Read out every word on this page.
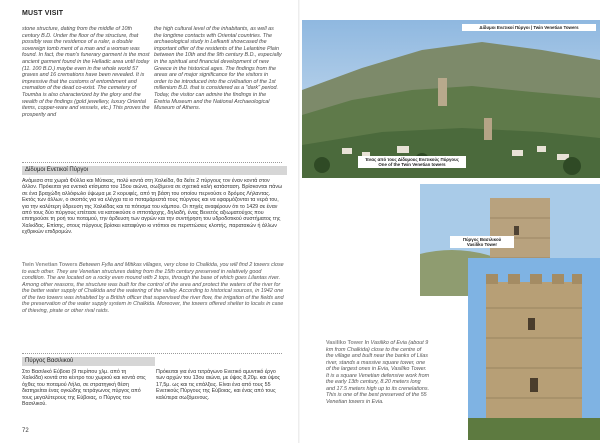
MUST VISIT
stone structure, dating from the middle of 10th century B.D. Under the floor of the structure, that possibly was the residence of a ruler, a double sovereign tomb ment of a man and a woman was found. In fact, the man's funerary garment is the most ancient garment found in the Helladic area until today (11. 100 B.D.) maybe even in the whole world 57 graves and 16 cremations have been revealed. It is impressive that the customs of entombment and cremation of the dead co-exist. The cemetery of Toumba is also characterized by the glory and the wealth of the findings (gold jewellery, luxury Oriental items, copper-ware and vessels, etc.) This proves the prosperity and
the high cultural level of the inhabitants, as well as the longtime contacts with Oriental countries. The archaeological study in Lefkanti showcased the important offer of the residents of the Lelantine Plain between the 10th and the 9th century B.D., especially in the spiritual and financial development of new Greece in the historical ages. The findings from the areas are of major significance for the visitors in order to be introduced into the civilisation of the 1st millenium B.D. that is considered as a "dark" period. Today, the visitor can admire the findings in the Eretria Museum and the National Archaeological Museum of Athens.
Δίδυμοι Ενετικοί Πύργοι
Ανάμεσα στα χωριά Φύλλα και Μύτικας, πολύ κοντά στη Χαλκίδα, θα δείτε 2 πύργους τον έναν κοντά στον άλλον. Πρόκειται για ενετικά κτίσματα του 15ου αιώνα, σωζόμενα σε σχετικά καλή κατάσταση. Βρίσκονται πάνω σε ένα βραχώδη αλλόφωλο ύψωμα με 2 κορυφές, από τη βάση του οποίου περνούσε ο δρόμος Λήλαντας. Εκτός των άλλων, ο σκοπός για να ελέγχει τα ιο ποταμάρεστά τους πύργους και να εφαρμόζονται τα νερά του, για την καλύτερη ύδρευση της Χαλκίδας και τα πότισμα του κάμπου. Οι πηγές αναφέρουν ότι το 1429 σε έναν από τους δύο πύργους επέτασε να κατοικούσε ο ιπποτάρχης, δηλαδή, ένας Βενετός αξιωματούχος που επιτηρούσε τη ροή του ποταμού, την άρδευση των αγρών και την συντήρηση του υδροδοτικού συστήματος της Χαλκίδας. Επίσης, στους πύργους βρίσκει καταφύγιο κι ντόπιοι σε περιπτώσεις κλοπής, παρατακών ή άλλων εχθρικών επιδρομών.
Twin Venetian Towers Between Fylla and Mitikas villages, very close to Chalkida, you will find 2 towers close to each other. They are Venetian structures dating from the 15th century preserved in relatively good condition. The are located on a rocky even mound with 2 tops, through the base of which goes Lilantas river. Among other reasons, the structure was built for the control of the area and protect the waters of the river for the better water supply of Chalkida and the watering of the valley. According to historical sources, in 1942 one of the two towers was inhabited by a British officer that supervised the river flow, the irrigation of the fields and the preservation of the water supply system in Chalkida. Moreover, the towers offered shelter to locals in case of thieving, pirate or other rival raids.
Πύργος Βασιλικού
Στο Βασιλικό Εύβοια (9 περίπου χλμ. από τη Χαλκίδα) κοντά στο κέντρο του χωριού και κοντά στις όχθες του ποταμού Λήλα, σε στρατηγική θέση διατηρείται ένας ογκώδης τετράγωνος πύργος από τους μεγαλύτερους της Εύβοιας, ο Πύργος του Βασιλικού.
Πρόκειται για ένα τετράγωνο Ενετικό αμυντικό έργο των αρχών του 13ου αιώνα, με ύψος 8,20μ. και ύψος 17,5μ. ως και τις επάλξεις. Είναι ένα από τους 55 Ενετικούς Πύργους της Εύβοιας, και ένας από τους καλύτερα σωζόμενους.
72
Δίδυμοι Ενετικοί Πύργοι | Twin Venetian Towers
Ένας από τους Δίδυμους Ενετικούς Πύργους
One of the Twin Venetian towers
Πύργος Βασιλικού
Vasiliko Tower
Vasiliko Tower In Vasiliko of Evia (about 9 km from Chalkida) close to the centre of the village and built near the banks of Lilas river, stands a massive square tower, one of the largest ones in Evia, Vasiliko Tower. It is a square Venetian defensive work from the early 13th century, 8.20 meters long and 17.5 meters high up to its crenelations. This is one of the best preserved of the 55 Venetian towers in Evia.
